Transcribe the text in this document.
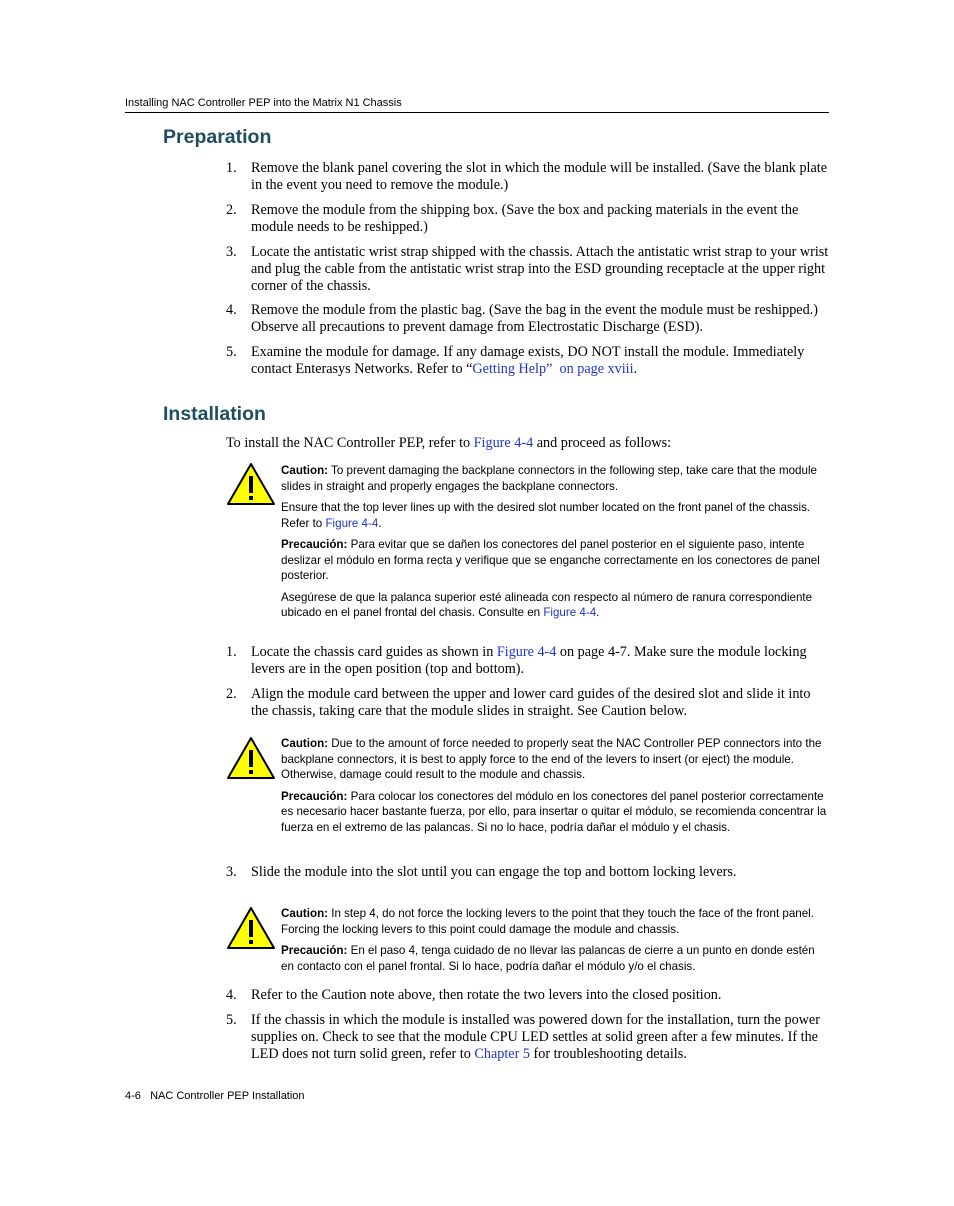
Installing NAC Controller PEP into the Matrix N1 Chassis
Preparation
1. Remove the blank panel covering the slot in which the module will be installed. (Save the blank plate in the event you need to remove the module.)
2. Remove the module from the shipping box. (Save the box and packing materials in the event the module needs to be reshipped.)
3. Locate the antistatic wrist strap shipped with the chassis. Attach the antistatic wrist strap to your wrist and plug the cable from the antistatic wrist strap into the ESD grounding receptacle at the upper right corner of the chassis.
4. Remove the module from the plastic bag. (Save the bag in the event the module must be reshipped.) Observe all precautions to prevent damage from Electrostatic Discharge (ESD).
5. Examine the module for damage. If any damage exists, DO NOT install the module. Immediately contact Enterasys Networks. Refer to “Getting Help” on page xviii.
Installation
To install the NAC Controller PEP, refer to Figure 4-4 and proceed as follows:
Caution: To prevent damaging the backplane connectors in the following step, take care that the module slides in straight and properly engages the backplane connectors.
Ensure that the top lever lines up with the desired slot number located on the front panel of the chassis. Refer to Figure 4-4.
Precaución: Para evitar que se dañen los conectores del panel posterior en el siguiente paso, intente deslizar el módulo en forma recta y verifique que se enganche correctamente en los conectores de panel posterior.
Asegúrese de que la palanca superior esté alineada con respecto al número de ranura correspondiente ubicado en el panel frontal del chasis. Consulte en Figure 4-4.
1. Locate the chassis card guides as shown in Figure 4-4 on page 4-7. Make sure the module locking levers are in the open position (top and bottom).
2. Align the module card between the upper and lower card guides of the desired slot and slide it into the chassis, taking care that the module slides in straight. See Caution below.
Caution: Due to the amount of force needed to properly seat the NAC Controller PEP connectors into the backplane connectors, it is best to apply force to the end of the levers to insert (or eject) the module. Otherwise, damage could result to the module and chassis.
Precaución: Para colocar los conectores del módulo en los conectores del panel posterior correctamente es necesario hacer bastante fuerza, por ello, para insertar o quitar el módulo, se recomienda concentrar la fuerza en el extremo de las palancas. Si no lo hace, podría dañar el módulo y el chasis.
3. Slide the module into the slot until you can engage the top and bottom locking levers.
Caution: In step 4, do not force the locking levers to the point that they touch the face of the front panel. Forcing the locking levers to this point could damage the module and chassis.
Precaución: En el paso 4, tenga cuidado de no llevar las palancas de cierre a un punto en donde estén en contacto con el panel frontal. Si lo hace, podría dañar el módulo y/o el chasis.
4. Refer to the Caution note above, then rotate the two levers into the closed position.
5. If the chassis in which the module is installed was powered down for the installation, turn the power supplies on. Check to see that the module CPU LED settles at solid green after a few minutes. If the LED does not turn solid green, refer to Chapter 5 for troubleshooting details.
4-6   NAC Controller PEP Installation
